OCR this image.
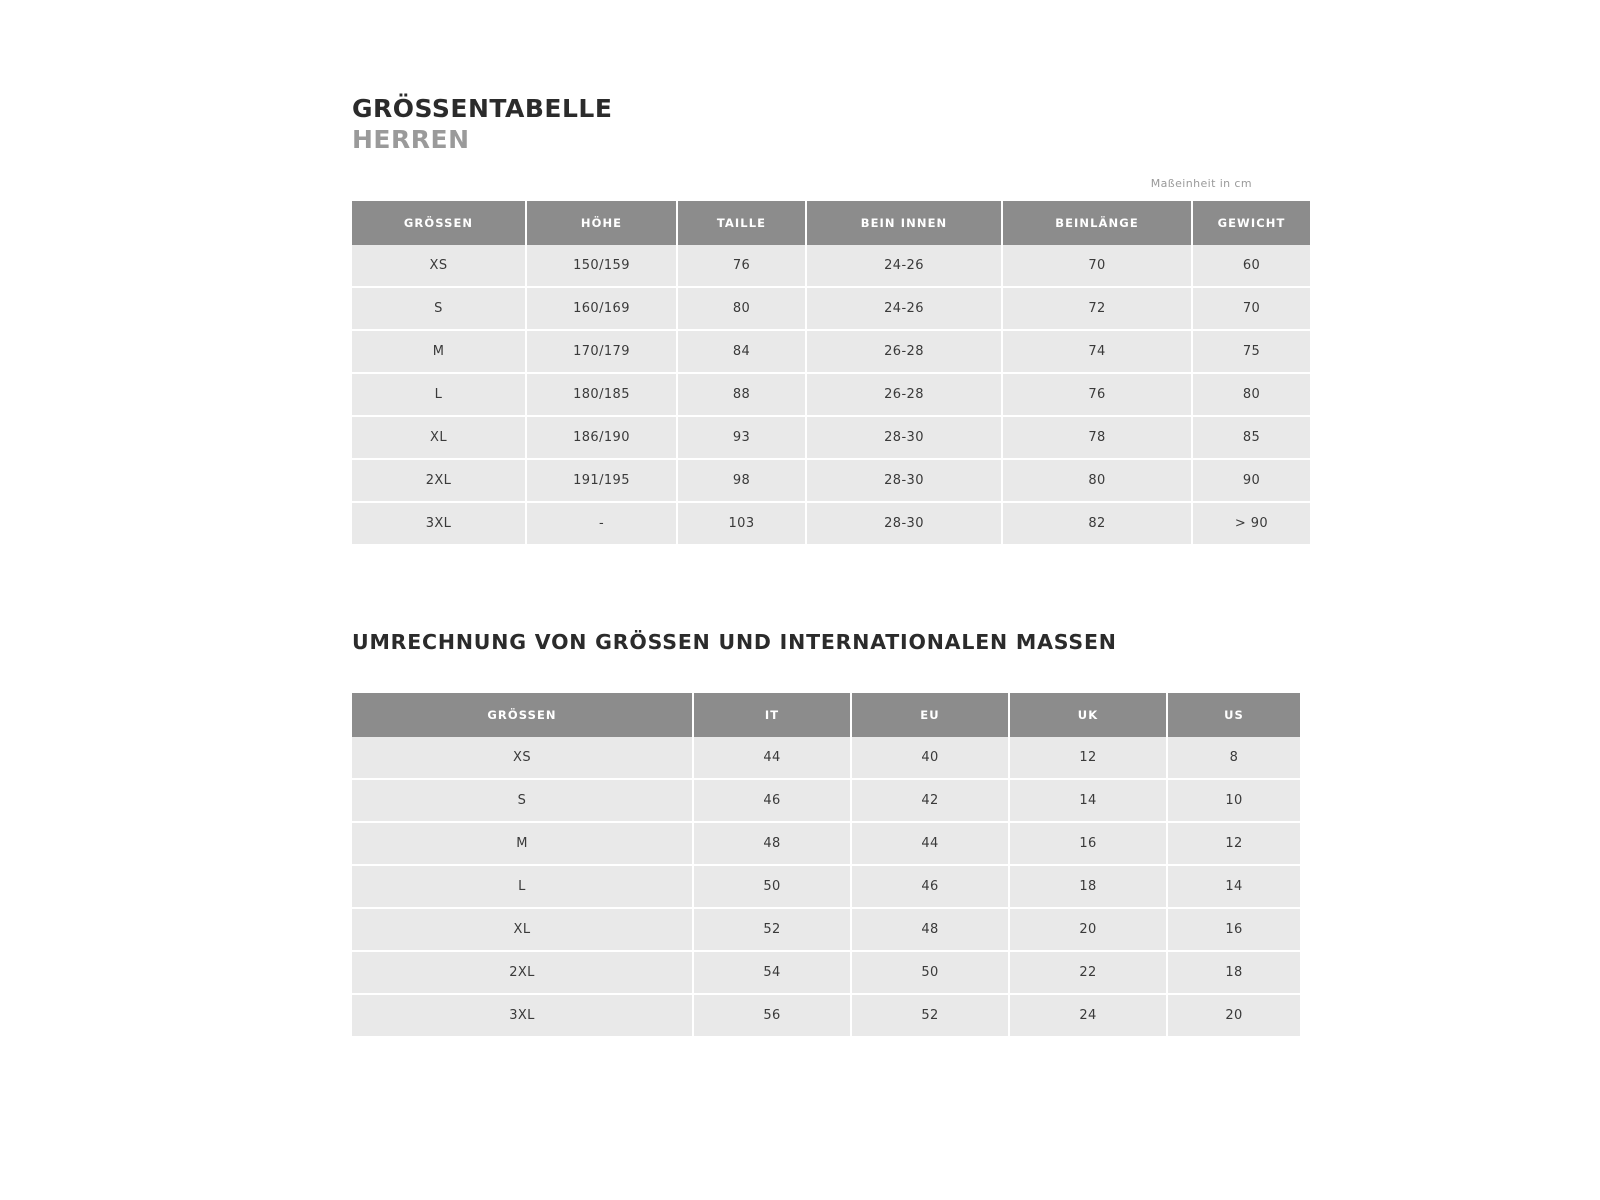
GRÖSSENTABELLE
HERREN
Maßeinheit in cm
GRÖSSEN	HÖHE	TAILLE	BEIN INNEN	BEINLÄNGE	GEWICHT
XS	150/159	76	24-26	70	60
S	160/169	80	24-26	72	70
M	170/179	84	26-28	74	75
L	180/185	88	26-28	76	80
XL	186/190	93	28-30	78	85
2XL	191/195	98	28-30	80	90
3XL	-	103	28-30	82	> 90
UMRECHNUNG VON GRÖSSEN UND INTERNATIONALEN MASSEN
GRÖSSEN	IT	EU	UK	US
XS	44	40	12	8
S	46	42	14	10
M	48	44	16	12
L	50	46	18	14
XL	52	48	20	16
2XL	54	50	22	18
3XL	56	52	24	20
